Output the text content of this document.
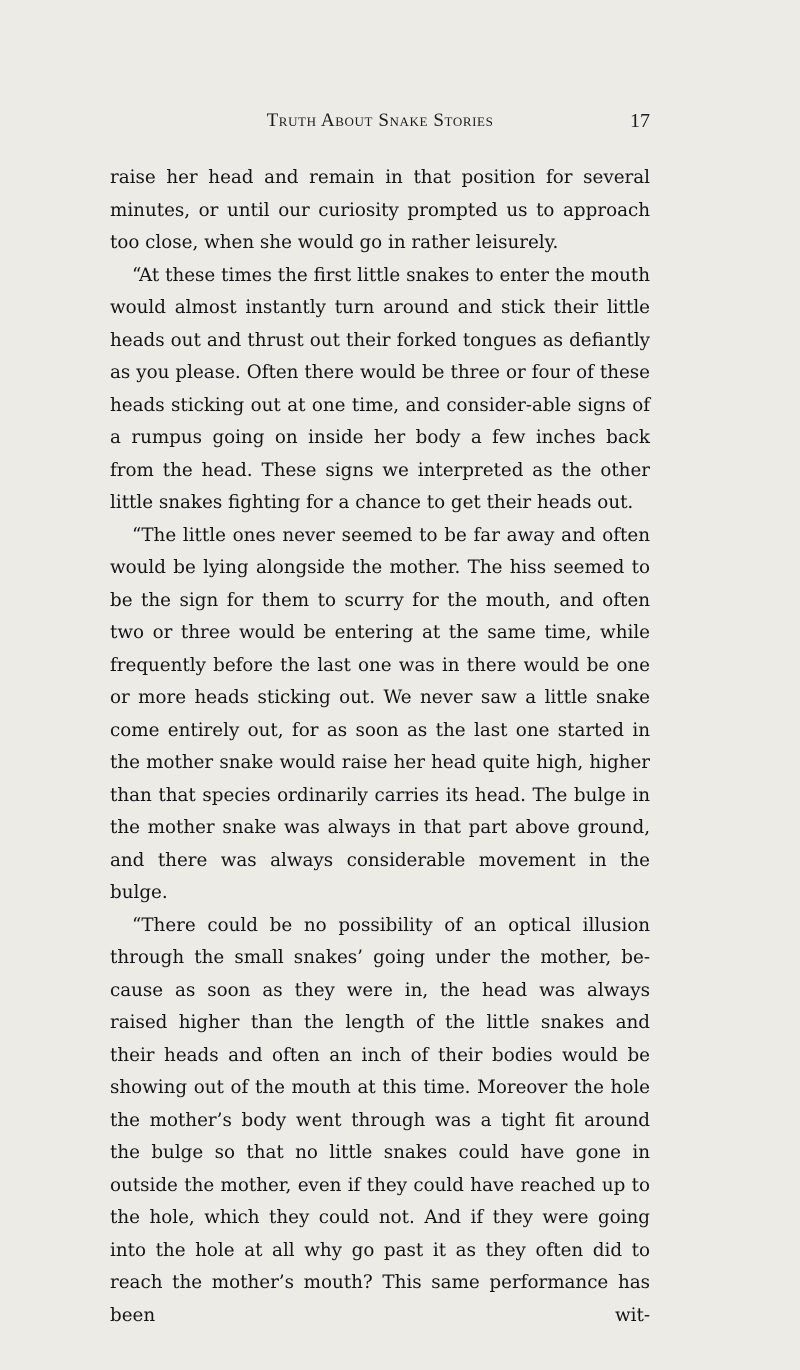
Truth About Snake Stories	17

raise her head and remain in that position for several minutes, or until our curiosity prompted us to approach too close, when she would go in rather leisurely.

“At these times the first little snakes to enter the mouth would almost instantly turn around and stick their little heads out and thrust out their forked tongues as defiantly as you please. Often there would be three or four of these heads sticking out at one time, and consider-able signs of a rumpus going on inside her body a few inches back from the head. These signs we interpreted as the other little snakes fighting for a chance to get their heads out.

“The little ones never seemed to be far away and often would be lying alongside the mother. The hiss seemed to be the sign for them to scurry for the mouth, and often two or three would be entering at the same time, while frequently before the last one was in there would be one or more heads sticking out. We never saw a little snake come entirely out, for as soon as the last one started in the mother snake would raise her head quite high, higher than that species ordinarily carries its head. The bulge in the mother snake was always in that part above ground, and there was always considerable movement in the bulge.

“There could be no possibility of an optical illusion through the small snakes’ going under the mother, be-cause as soon as they were in, the head was always raised higher than the length of the little snakes and their heads and often an inch of their bodies would be showing out of the mouth at this time. Moreover the hole the mother’s body went through was a tight fit around the bulge so that no little snakes could have gone in outside the mother, even if they could have reached up to the hole, which they could not. And if they were going into the hole at all why go past it as they often did to reach the mother’s mouth? This same performance has been wit-
